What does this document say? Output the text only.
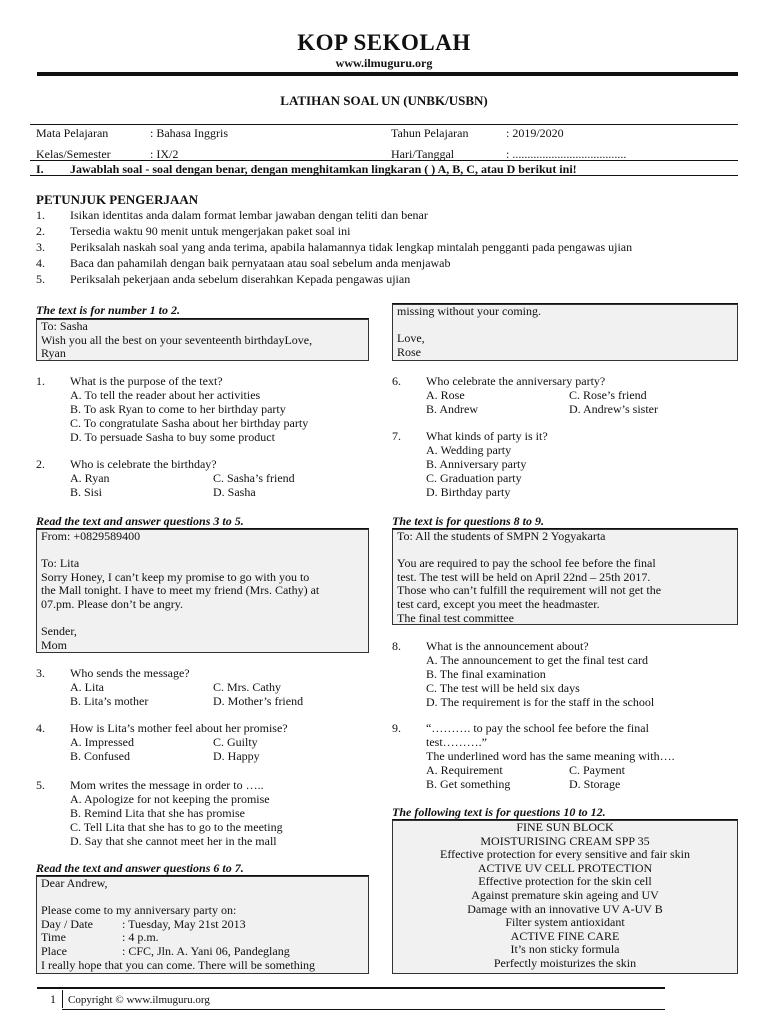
KOP SEKOLAH
www.ilmuguru.org
LATIHAN SOAL UN (UNBK/USBN)
Mata Pelajaran	: Bahasa Inggris	Tahun Pelajaran	: 2019/2020
Kelas/Semester	: IX/2	Hari/Tanggal	: ......................................
I. Jawablah soal - soal dengan benar, dengan menghitamkan lingkaran ( ) A, B, C, atau D berikut ini!
PETUNJUK PENGERJAAN
1. Isikan identitas anda dalam format lembar jawaban dengan teliti dan benar
2. Tersedia waktu 90 menit untuk mengerjakan paket soal ini
3. Periksalah naskah soal yang anda terima, apabila halamannya tidak lengkap mintalah pengganti pada pengawas ujian
4. Baca dan pahamilah dengan baik pernyataan atau soal sebelum anda menjawab
5. Periksalah pekerjaan anda sebelum diserahkan Kepada pengawas ujian
The text is for number 1 to 2.
To: Sasha
Wish you all the best on your seventeenth birthdayLove,
Ryan
1. What is the purpose of the text?
A. To tell the reader about her activities
B. To ask Ryan to come to her birthday party
C. To congratulate Sasha about her birthday party
D. To persuade Sasha to buy some product
2. Who is celebrate the birthday?
A. Ryan	C. Sasha’s friend
B. Sisi	D. Sasha
Read the text and answer questions 3 to 5.
From: +0829589400

To: Lita
Sorry Honey, I can’t keep my promise to go with you to
the Mall tonight. I have to meet my friend (Mrs. Cathy) at
07.pm. Please don’t be angry.

Sender,
Mom
3. Who sends the message?
A. Lita	C. Mrs. Cathy
B. Lita’s mother	D. Mother’s friend
4. How is Lita’s mother feel about her promise?
A. Impressed	C. Guilty
B. Confused	D. Happy
5. Mom writes the message in order to …..
A. Apologize for not keeping the promise
B. Remind Lita that she has promise
C. Tell Lita that she has to go to the meeting
D. Say that she cannot meet her in the mall
Read the text and answer questions 6 to 7.
Dear Andrew,

Please come to my anniversary party on:
Day / Date : Tuesday, May 21st 2013
Time	: 4 p.m.
Place	: CFC, Jln. A. Yani 06, Pandeglang
I really hope that you can come. There will be something
missing without your coming.

Love,
Rose
6. Who celebrate the anniversary party?
A. Rose	C. Rose’s friend
B. Andrew	D. Andrew’s sister
7. What kinds of party is it?
A. Wedding party
B. Anniversary party
C. Graduation party
D. Birthday party
The text is for questions 8 to 9.
To: All the students of SMPN 2 Yogyakarta

You are required to pay the school fee before the final
test. The test will be held on April 22nd – 25th 2017.
Those who can’t fulfill the requirement will not get the
test card, except you meet the headmaster.
The final test committee
8. What is the announcement about?
A. The announcement to get the final test card
B. The final examination
C. The test will be held six days
D. The requirement is for the staff in the school
9. “………. to pay the school fee before the final
test……….”
The underlined word has the same meaning with….
A. Requirement	C. Payment
B. Get something	D. Storage
The following text is for questions 10 to 12.
FINE SUN BLOCK
MOISTURISING CREAM SPP 35
Effective protection for every sensitive and fair skin
ACTIVE UV CELL PROTECTION
Effective protection for the skin cell
Against premature skin ageing and UV
Damage with an innovative UV A-UV B
Filter system antioxidant
ACTIVE FINE CARE
It’s non sticky formula
Perfectly moisturizes the skin
1 Copyright © www.ilmuguru.org
